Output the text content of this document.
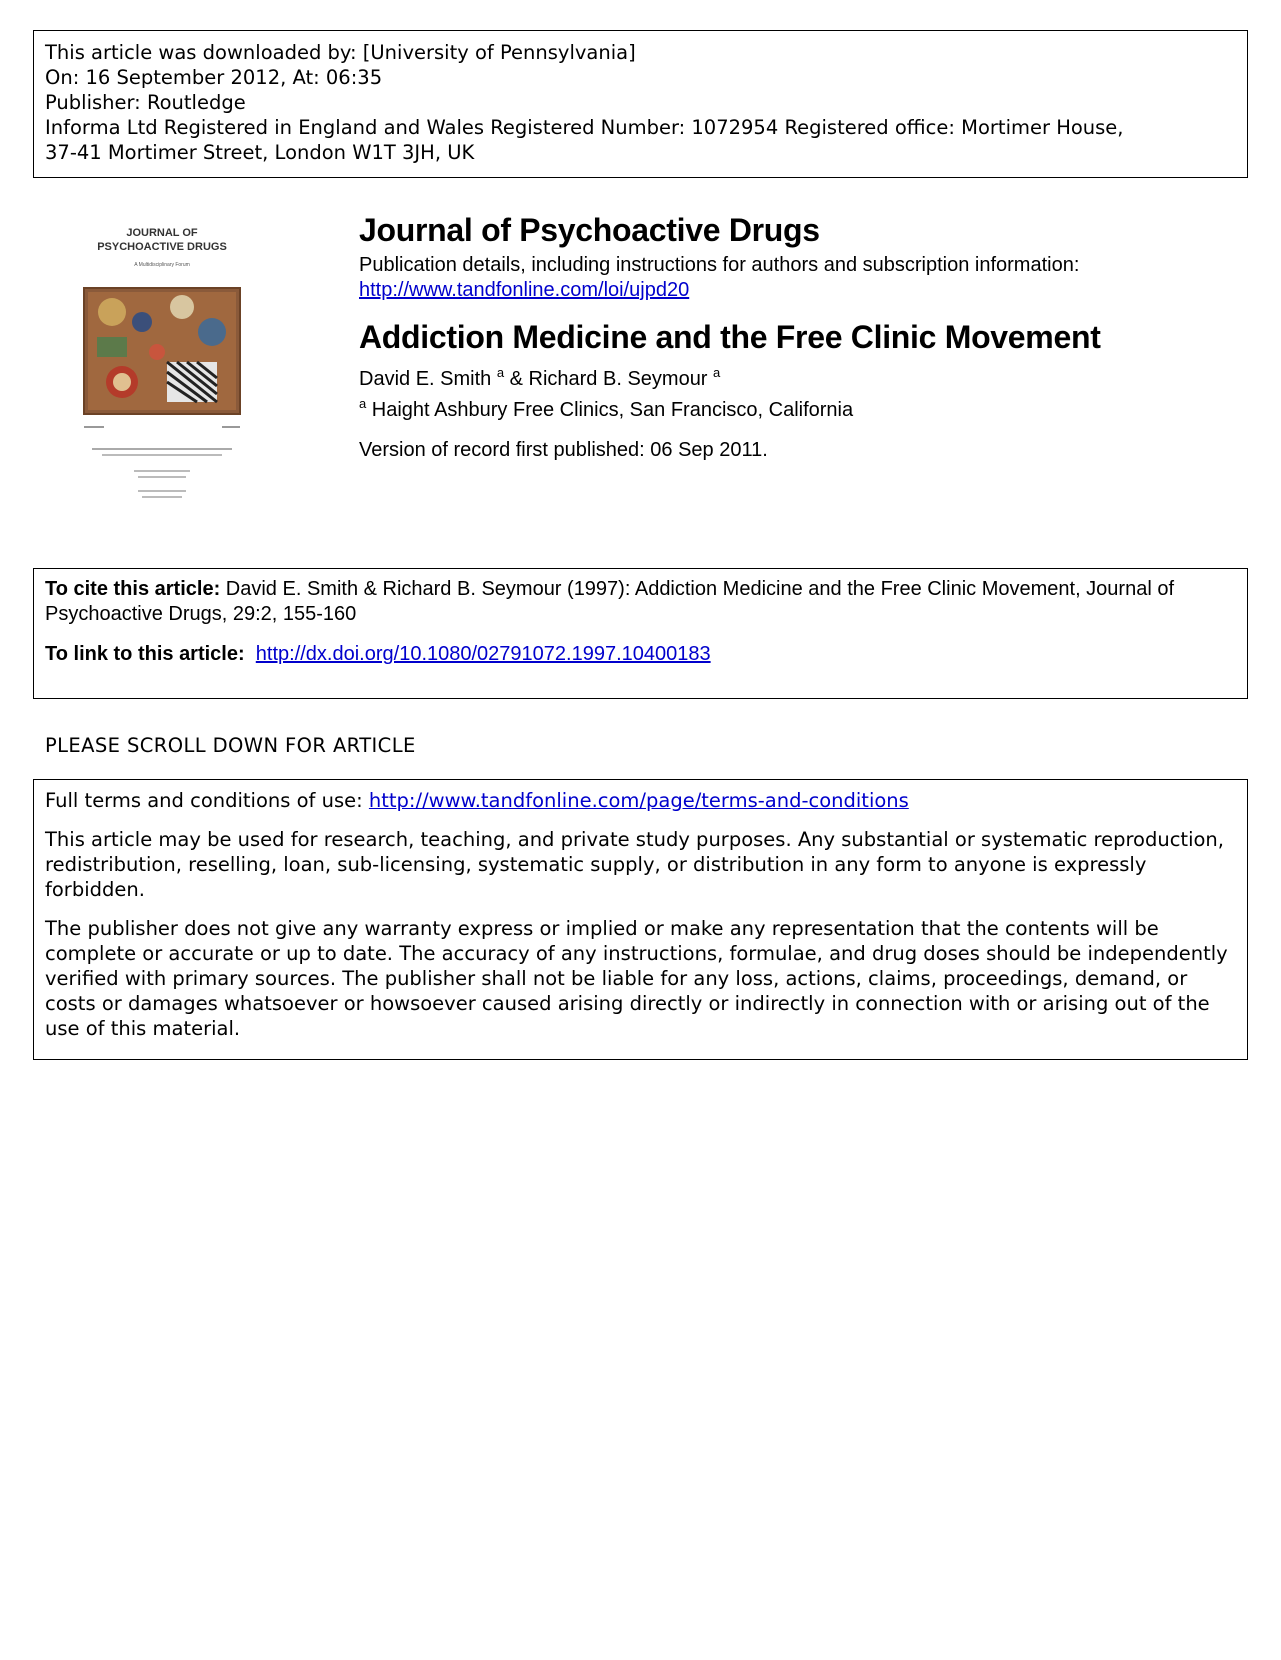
This article was downloaded by: [University of Pennsylvania]
On: 16 September 2012, At: 06:35
Publisher: Routledge
Informa Ltd Registered in England and Wales Registered Number: 1072954 Registered office: Mortimer House,
37-41 Mortimer Street, London W1T 3JH, UK
JOURNAL OF
PSYCHOACTIVE DRUGS
A Multidisciplinary Forum
Journal of Psychoactive Drugs
Publication details, including instructions for authors and subscription information:
http://www.tandfonline.com/loi/ujpd20
Addiction Medicine and the Free Clinic Movement
David E. Smith $^a$ & Richard B. Seymour $^a$
$^a$ Haight Ashbury Free Clinics, San Francisco, California
Version of record first published: 06 Sep 2011.
To cite this article: David E. Smith & Richard B. Seymour (1997): Addiction Medicine and the Free Clinic Movement, Journal of Psychoactive Drugs, 29:2, 155-160
To link to this article: http://dx.doi.org/10.1080/02791072.1997.10400183
PLEASE SCROLL DOWN FOR ARTICLE

Full terms and conditions of use: http://www.tandfonline.com/page/terms-and-conditions

This article may be used for research, teaching, and private study purposes. Any substantial or systematic reproduction, redistribution, reselling, loan, sub-licensing, systematic supply, or distribution in any form to anyone is expressly forbidden.

The publisher does not give any warranty express or implied or make any representation that the contents will be complete or accurate or up to date. The accuracy of any instructions, formulae, and drug doses should be independently verified with primary sources. The publisher shall not be liable for any loss, actions, claims, proceedings, demand, or costs or damages whatsoever or howsoever caused arising directly or indirectly in connection with or arising out of the use of this material.
